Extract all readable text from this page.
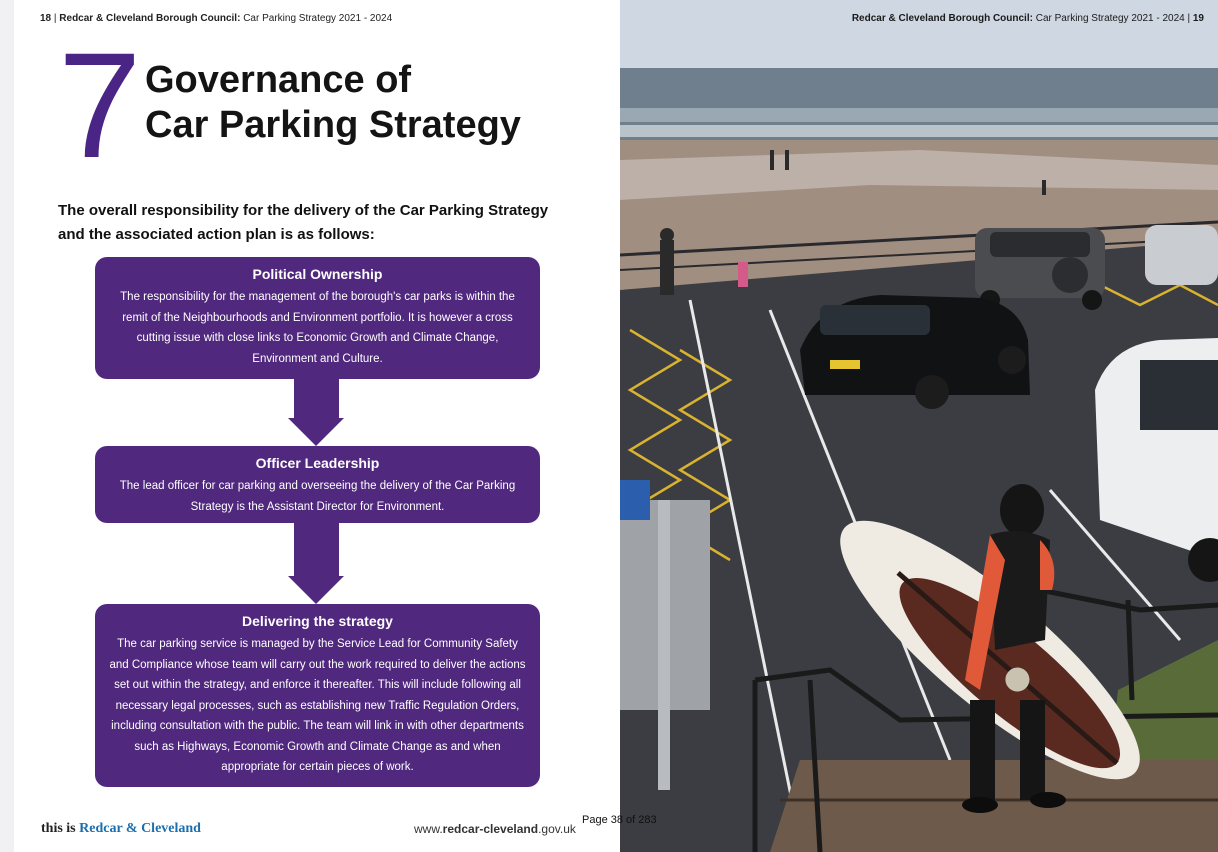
18 | Redcar & Cleveland Borough Council: Car Parking Strategy 2021 - 2024
7 Governance of
Car Parking Strategy
The overall responsibility for the delivery of the Car Parking Strategy and the associated action plan is as follows:
Political Ownership

The responsibility for the management of the borough's car parks is within the remit of the Neighbourhoods and Environment portfolio. It is however a cross cutting issue with close links to Economic Growth and Climate Change, Environment and Culture.

Officer Leadership

The lead officer for car parking and overseeing the delivery of the Car Parking Strategy is the Assistant Director for Environment.

Delivering the strategy

The car parking service is managed by the Service Lead for Community Safety and Compliance whose team will carry out the work required to deliver the actions set out within the strategy, and enforce it thereafter. This will include following all necessary legal processes, such as establishing new Traffic Regulation Orders, including consultation with the public. The team will link in with other departments such as Highways, Economic Growth and Climate Change as and when appropriate for certain pieces of work.

this is Redcar & Cleveland	www.redcar-cleveland.gov.uk
Page 38 of 283
Redcar & Cleveland Borough Council: Car Parking Strategy 2021 - 2024 | 19
